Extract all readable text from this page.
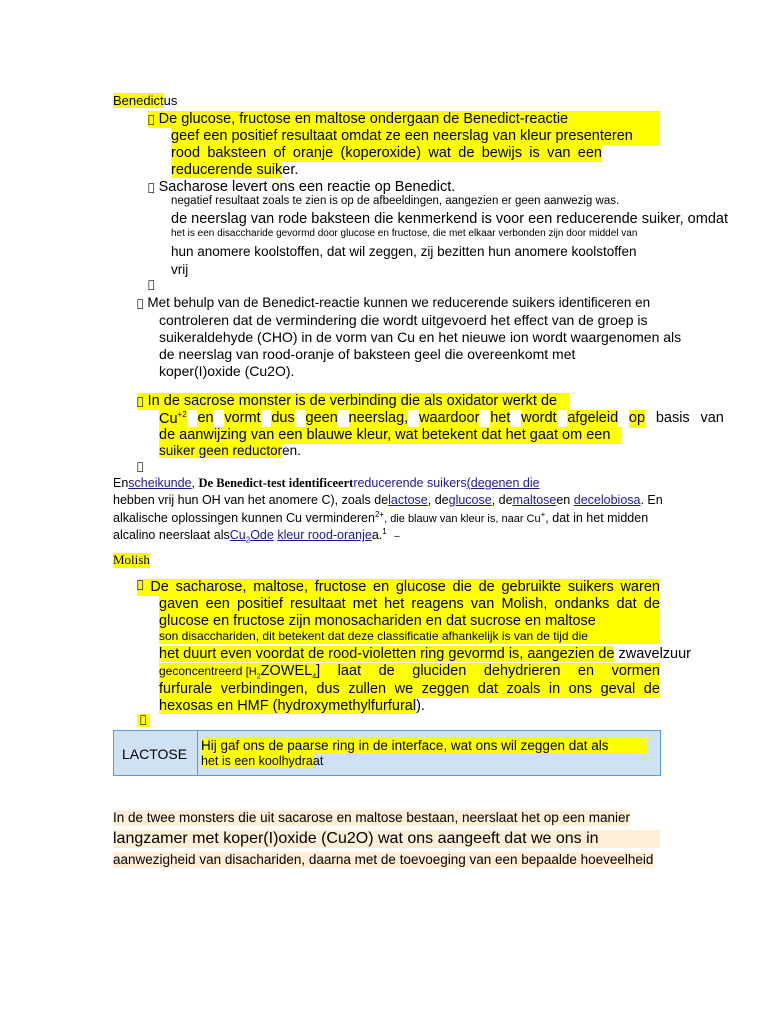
Benedictus
De glucose, fructose en maltose ondergaan de Benedict-reactie
geef een positief resultaat omdat ze een neerslag van kleur presenteren
rood baksteen of oranje (koperoxide) wat de bewijs is van een
reducerende suiker.
Sacharose levert ons een reactie op Benedict.
negatief resultaat zoals te zien is op de afbeeldingen, aangezien er geen aanwezig was.
de neerslag van rode baksteen die kenmerkend is voor een reducerende suiker, omdat
het is een disaccharide gevormd door glucose en fructose, die met elkaar verbonden zijn door middel van
hun anomere koolstoffen, dat wil zeggen, zij bezitten hun anomere koolstoffen
vrij
Met behulp van de Benedict-reactie kunnen we reducerende suikers identificeren en
controleren dat de vermindering die wordt uitgevoerd het effect van de groep is
suikeraldehyde (CHO) in de vorm van Cu en het nieuwe ion wordt waargenomen als
de neerslag van rood-oranje of baksteen geel die overeenkomt met
koper(I)oxide (Cu2O).
In de sacrose monster is de verbinding die als oxidator werkt de
$Cu^{+2}$ en vormt dus geen neerslag, waardoor het wordt afgeleid op basis van
de aanwijzing van een blauwe kleur, wat betekent dat het gaat om een
suiker geen reductoren.
Enscheikunde, De Benedict-test identificeertreducerende suikers(degenen die
hebben vrij hun OH van het anomere C), zoals delactose, deglucose, demaltoseen decelobiosa. En
alkalische oplossingen kunnen Cu verminderen$^{2+}$, die blauw van kleur is, naar Cu+, dat in het midden
alcalino neerslaat alsCu$_2$Ode kleur rood-oranjea.$^1$ –
Molish
De sacharose, maltose, fructose en glucose die de gebruikte suikers waren
gaven een positief resultaat met het reagens van Molish, ondanks dat de
glucose en fructose zijn monosachariden en dat sucrose en maltose
son disacchariden, dit betekent dat deze classificatie afhankelijk is van de tijd die
het duurt even voordat de rood-violetten ring gevormd is, aangezien de zwavelzuur
geconcentreerd $[H_2ZOWEL_4]$ laat de gluciden dehydrieren en vormen
furfurale verbindingen, dus zullen we zeggen dat zoals in ons geval de
hexosas en HMF (hydroxymethylfurfural).
LACTOSE
Hij gaf ons de paarse ring in de interface, wat ons wil zeggen dat als
het is een koolhydraat
In de twee monsters die uit sacarose en maltose bestaan, neerslaat het op een manier
langzamer met koper(I)oxide (Cu2O) wat ons aangeeft dat we ons in
aanwezigheid van disachariden, daarna met de toevoeging van een bepaalde hoeveelheid
